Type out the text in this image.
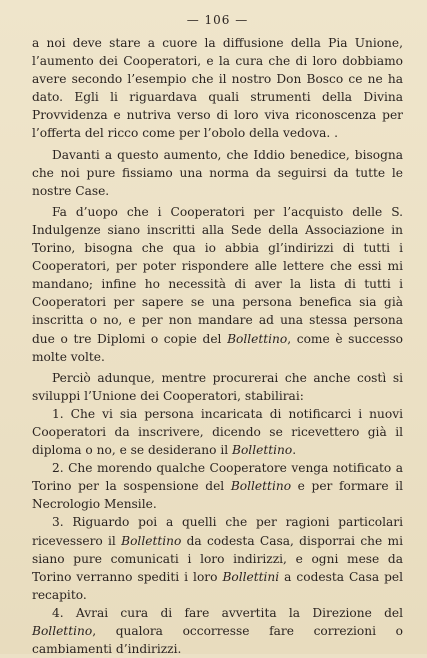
— 106 —

a noi deve stare a cuore la diffusione della Pia Unione, l’aumento dei Cooperatori, e la cura che di loro dobbiamo avere secondo l’esempio che il nostro Don Bosco ce ne ha dato. Egli li riguardava quali strumenti della Divina Provvidenza e nutriva verso di loro viva riconoscenza per l’offerta del ricco come per l’obolo della vedova. .

Davanti a questo aumento, che Iddio benedice, bisogna che noi pure fissiamo una norma da seguirsi da tutte le nostre Case.

Fa d’uopo che i Cooperatori per l’acquisto delle S. Indulgenze siano inscritti alla Sede della Associazione in Torino, bisogna che qua io abbia gl’indirizzi di tutti i Cooperatori, per poter rispondere alle lettere che essi mi mandano; infine ho necessità di aver la lista di tutti i Cooperatori per sapere se una persona benefica sia già inscritta o no, e per non mandare ad una stessa persona due o tre Diplomi o copie del Bollettino, come è successo molte volte.

Perciò adunque, mentre procurerai che anche costì si sviluppi l’Unione dei Cooperatori, stabilirai:

1. Che vi sia persona incaricata di notificarci i nuovi Cooperatori da inscrivere, dicendo se ricevettero già il diploma o no, e se desiderano il Bollettino.

2. Che morendo qualche Cooperatore venga notificato a Torino per la sospensione del Bollettino e per formare il Necrologio Mensile.

3. Riguardo poi a quelli che per ragioni particolari ricevessero il Bollettino da codesta Casa, disporrai che mi siano pure comunicati i loro indirizzi, e ogni mese da Torino verranno spediti i loro Bollettini a codesta Casa pel recapito.

4. Avrai cura di fare avvertita la Direzione del Bollettino, qualora occorresse fare correzioni o cambiamenti d’indirizzi.
